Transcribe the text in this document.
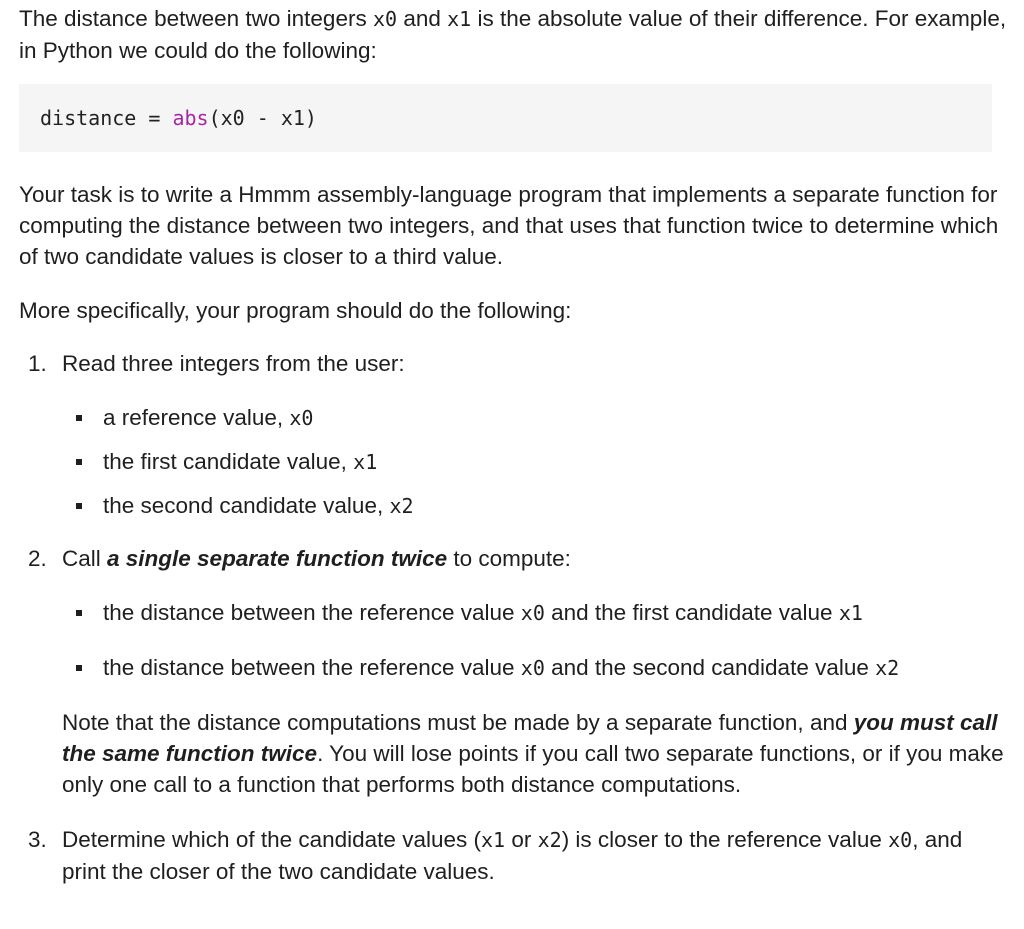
The distance between two integers x0 and x1 is the absolute value of their difference. For example, in Python we could do the following:

distance
=
abs (x0 - x1)

Your task is to write a Hmmm assembly-language program that implements a separate function for computing the distance between two integers, and that uses that function twice to determine which of two candidate values is closer to a third value.

More specifically, your program should do the following:

1. Read three integers from the user:
a reference value, x0
the first candidate value, x1
the second candidate value, x2
2. Call a single separate function twice to compute:
the distance between the reference value x0 and the first candidate value x1
the distance between the reference value x0 and the second candidate value x2

Note that the distance computations must be made by a separate function, and you must call the same function twice. You will lose points if you call two separate functions, or if you make only one call to a function that performs both distance computations.

3. Determine which of the candidate values (x1 or x2) is closer to the reference value x0, and print the closer of the two candidate values.
